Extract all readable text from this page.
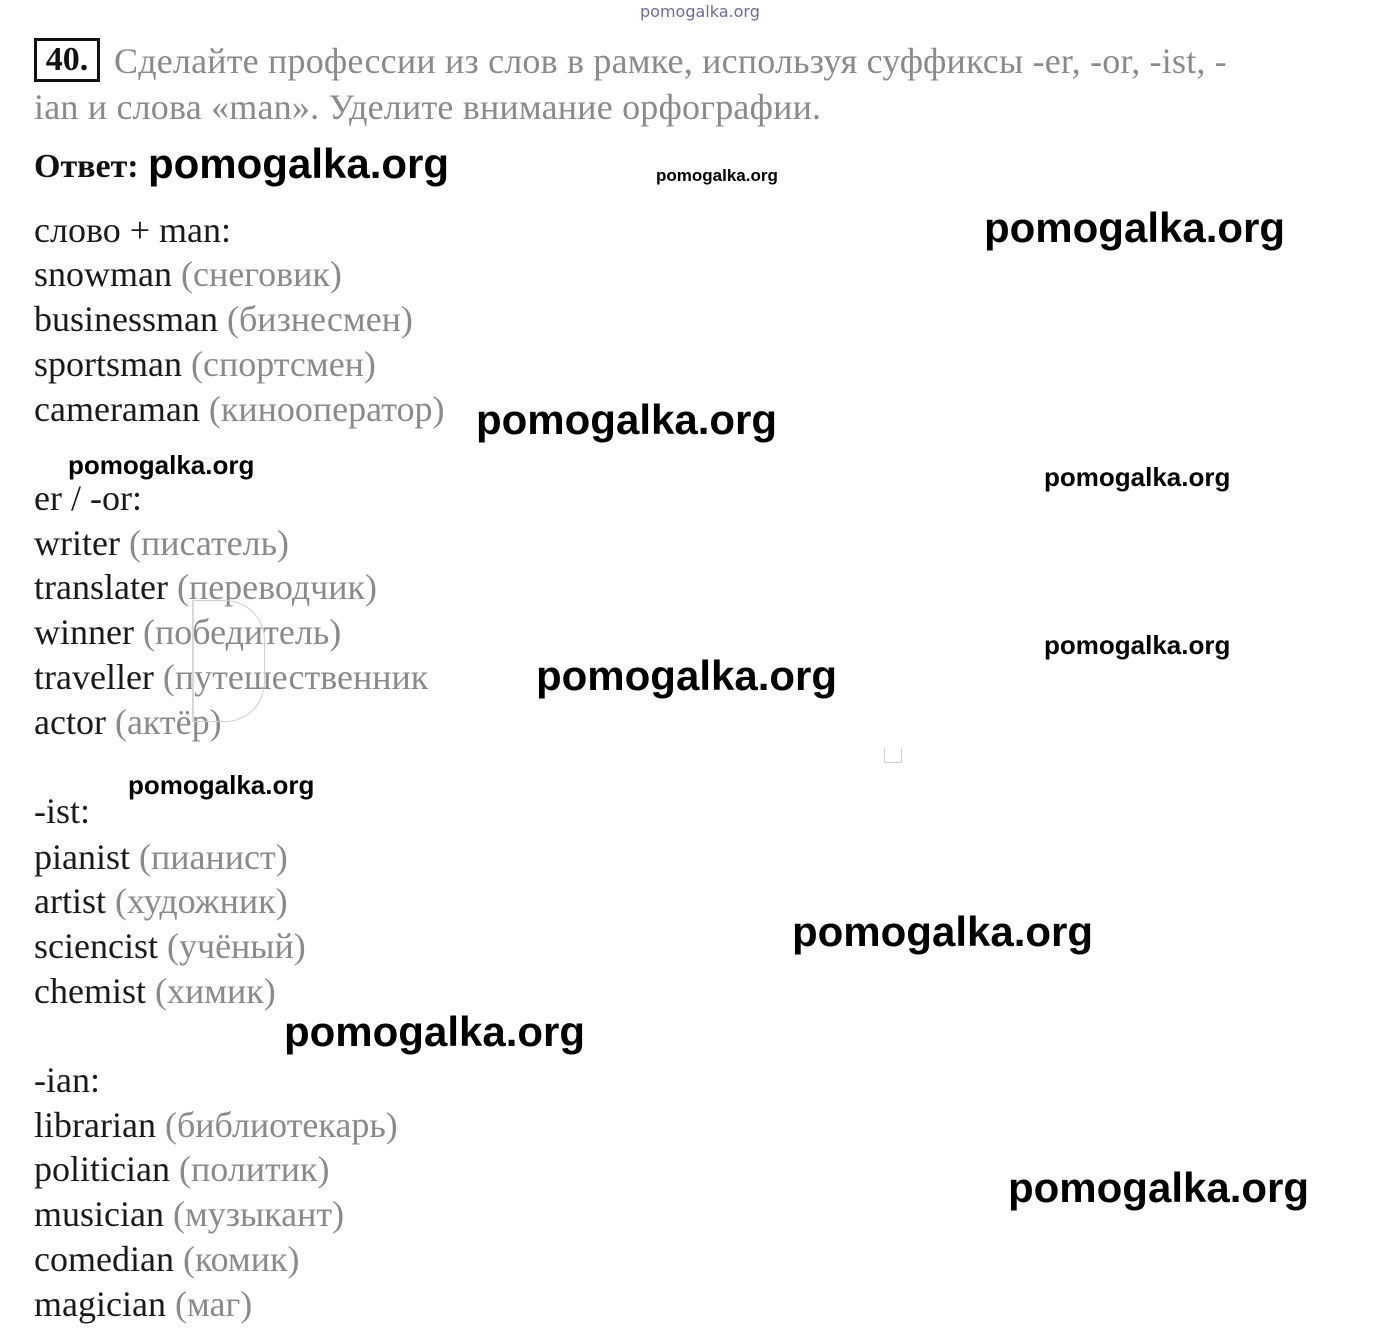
pomogalka.org
40. Сделайте профессии из слов в рамке, используя суффиксы -er, -or, -ist, -
ian и слова «man». Уделите внимание орфографии.
Ответ:
слово + man:
snowman (снеговик)
businessman (бизнесмен)
sportsman (спортсмен)
cameraman (кинооператор)
er / -or:
writer (писатель)
translater (переводчик)
winner (победитель)
traveller (путешественник
actor (актёр)
-ist:
pianist (пианист)
artist (художник)
sciencist (учёный)
chemist (химик)
-ian:
librarian (библиотекарь)
politician (политик)
musician (музыкант)
comedian (комик)
magician (маг)
pomogalka.org	pomogalka.org
pomogalka.org
pomogalka.org
pomogalka.org	pomogalka.org
pomogalka.org
pomogalka.org
pomogalka.org
pomogalka.org
pomogalka.org
pomogalka.org
